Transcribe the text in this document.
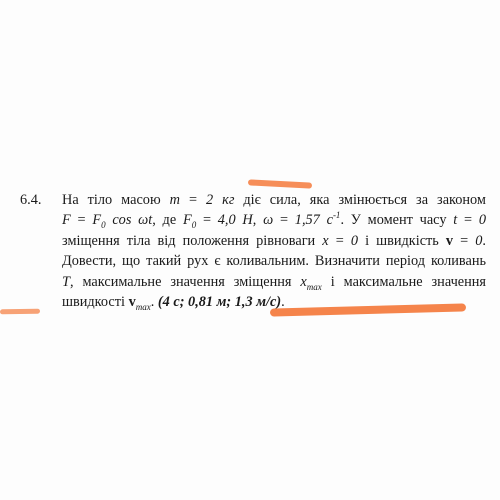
6.4.	На тіло масою m = 2 кг діє сила, яка змінюється за законом
$F = F_0$ cos ωt, де $F_0 = 4,0$ Н, ω = 1,57 $с^{-1}$. У момент часу t = 0
зміщення тіла від положення рівноваги x = 0 і швидкість v = 0.
Довести, що такий рух є коливальним. Визначити період коливань
T, максимальне значення зміщення $x_{max}$ і максимальне значення
швидкості $v_{max}$. (4 с; 0,81 м; 1,3 м/с).
